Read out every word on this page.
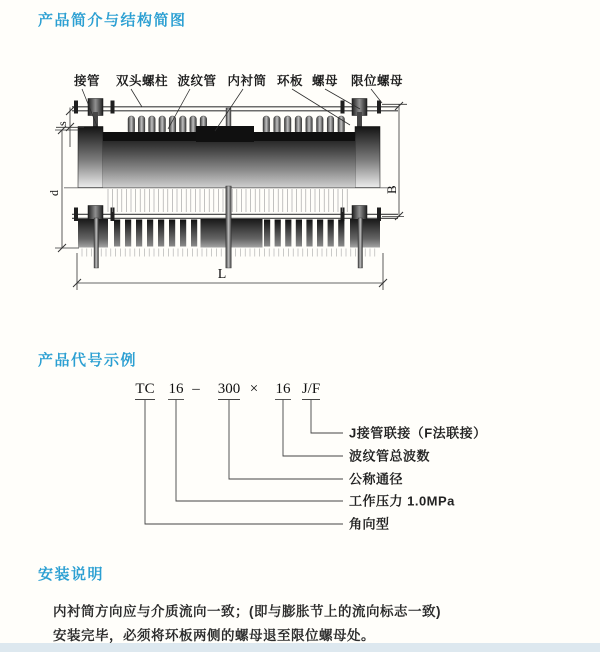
产品简介与结构简图
s
d	B
L
接管 双头螺柱 波纹管 内衬筒 环板 螺母 限位螺母
产品代号示例
TC 16 – 300 × 16 J/F
J接管联接（F法联接）
波纹管总波数
公称通径
工作压力 1.0MPa
角向型
安装说明

内衬筒方向应与介质流向一致；(即与膨胀节上的流向标志一致)

安装完毕，必须将环板两侧的螺母退至限位螺母处。
